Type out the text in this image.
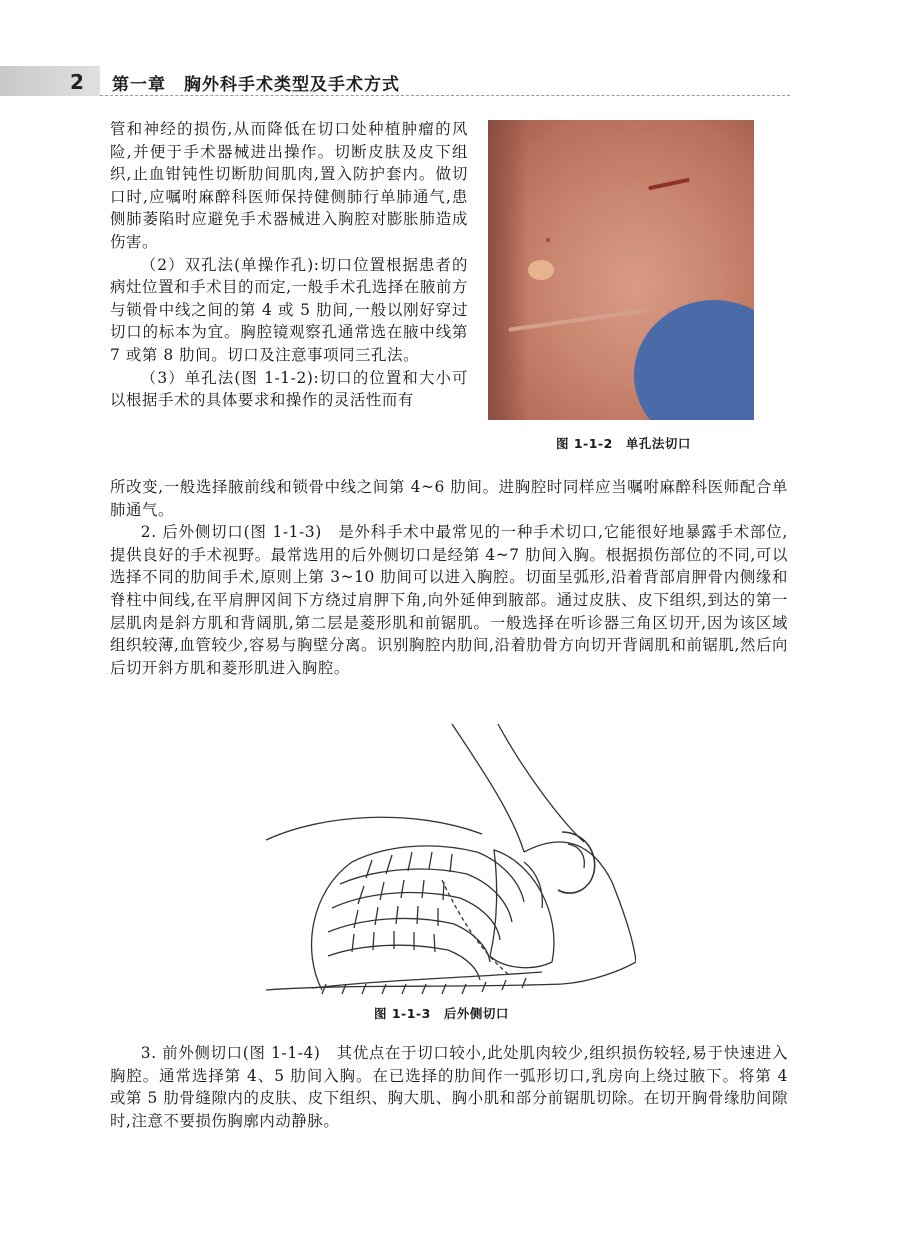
2 第一章　胸外科手术类型及手术方式

管和神经的损伤,从而降低在切口处种植肿瘤的风险,并便于手术器械进出操作。切断皮肤及皮下组织,止血钳钝性切断肋间肌肉,置入防护套内。做切口时,应嘱咐麻醉科医师保持健侧肺行单肺通气,患侧肺萎陷时应避免手术器械进入胸腔对膨胀肺造成伤害。

（2）双孔法(单操作孔):切口位置根据患者的病灶位置和手术目的而定,一般手术孔选择在腋前方与锁骨中线之间的第 4 或 5 肋间,一般以刚好穿过切口的标本为宜。胸腔镜观察孔通常选在腋中线第 7 或第 8 肋间。切口及注意事项同三孔法。

（3）单孔法(图 1-1-2):切口的位置和大小可以根据手术的具体要求和操作的灵活性而有

图 1-1-2　单孔法切口

所改变,一般选择腋前线和锁骨中线之间第 4~6 肋间。进胸腔时同样应当嘱咐麻醉科医师配合单肺通气。

2. 后外侧切口(图 1-1-3)　是外科手术中最常见的一种手术切口,它能很好地暴露手术部位,提供良好的手术视野。最常选用的后外侧切口是经第 4~7 肋间入胸。根据损伤部位的不同,可以选择不同的肋间手术,原则上第 3~10 肋间可以进入胸腔。切面呈弧形,沿着背部肩胛骨内侧缘和脊柱中间线,在平肩胛冈间下方绕过肩胛下角,向外延伸到腋部。通过皮肤、皮下组织,到达的第一层肌肉是斜方肌和背阔肌,第二层是菱形肌和前锯肌。一般选择在听诊器三角区切开,因为该区域组织较薄,血管较少,容易与胸壁分离。识别胸腔内肋间,沿着肋骨方向切开背阔肌和前锯肌,然后向后切开斜方肌和菱形肌进入胸腔。

图 1-1-3　后外侧切口

3. 前外侧切口(图 1-1-4)　其优点在于切口较小,此处肌肉较少,组织损伤较轻,易于快速进入胸腔。通常选择第 4、5 肋间入胸。在已选择的肋间作一弧形切口,乳房向上绕过腋下。将第 4 或第 5 肋骨缝隙内的皮肤、皮下组织、胸大肌、胸小肌和部分前锯肌切除。在切开胸骨缘肋间隙时,注意不要损伤胸廓内动静脉。
